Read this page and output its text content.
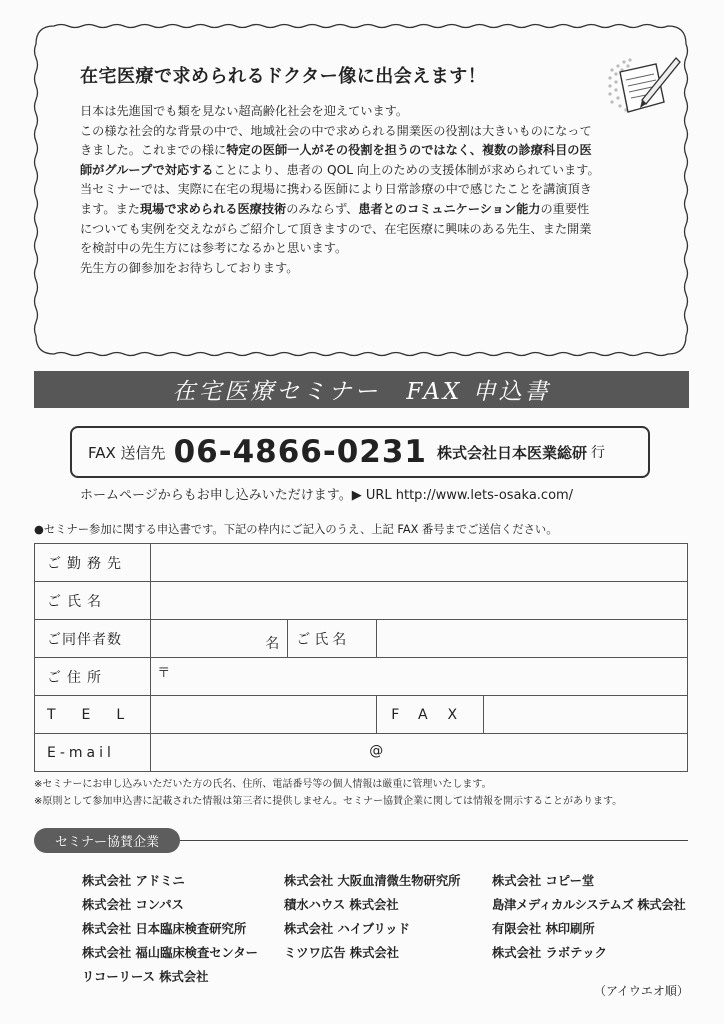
在宅医療で求められるドクター像に出会えます！

日本は先進国でも類を見ない超高齢化社会を迎えています。

この様な社会的な背景の中で、地域社会の中で求められる開業医の役割は大きいものになって

きました。これまでの様に特定の医師一人がその役割を担うのではなく、複数の診療科目の医

師がグループで対応することにより、患者の QOL 向上のための支援体制が求められています。

当セミナーでは、実際に在宅の現場に携わる医師により日常診療の中で感じたことを講演頂き

ます。また現場で求められる医療技術のみならず、患者とのコミュニケーション能力の重要性

についても実例を交えながらご紹介して頂きますので、在宅医療に興味のある先生、また開業

を検討中の先生方には参考になるかと思います。

先生方の御参加をお待ちしております。

在宅医療セミナー　FAX 申込書
FAX 送信先 06-4866-0231 株式会社日本医業総研 行
ホームページからもお申し込みいただけます。▶ URL http://www.lets-osaka.com/
●セミナー参加に関する申込書です。下記の枠内にご記入のうえ、上記 FAX 番号までご送信ください。
ご勤務先				
ご氏名				
ご同伴者数	名	ご氏名		
ご住所	〒			

TEL			FAX	
E-mail	@			

※セミナーにお申し込みいただいた方の氏名、住所、電話番号等の個人情報は厳重に管理いたします。

※原則として参加申込書に記載された情報は第三者に提供しません。セミナー協賛企業に関しては情報を開示することがあります。

セミナー協賛企業
株式会社 アドミニ
株式会社 コンパス
株式会社 日本臨床検査研究所
株式会社 福山臨床検査センター
リコーリース 株式会社
株式会社 大阪血清微生物研究所
積水ハウス 株式会社
株式会社 ハイブリッド
ミツワ広告 株式会社
株式会社 コピー堂
島津メディカルシステムズ 株式会社
有限会社 林印刷所
株式会社 ラボテック
（アイウエオ順）
